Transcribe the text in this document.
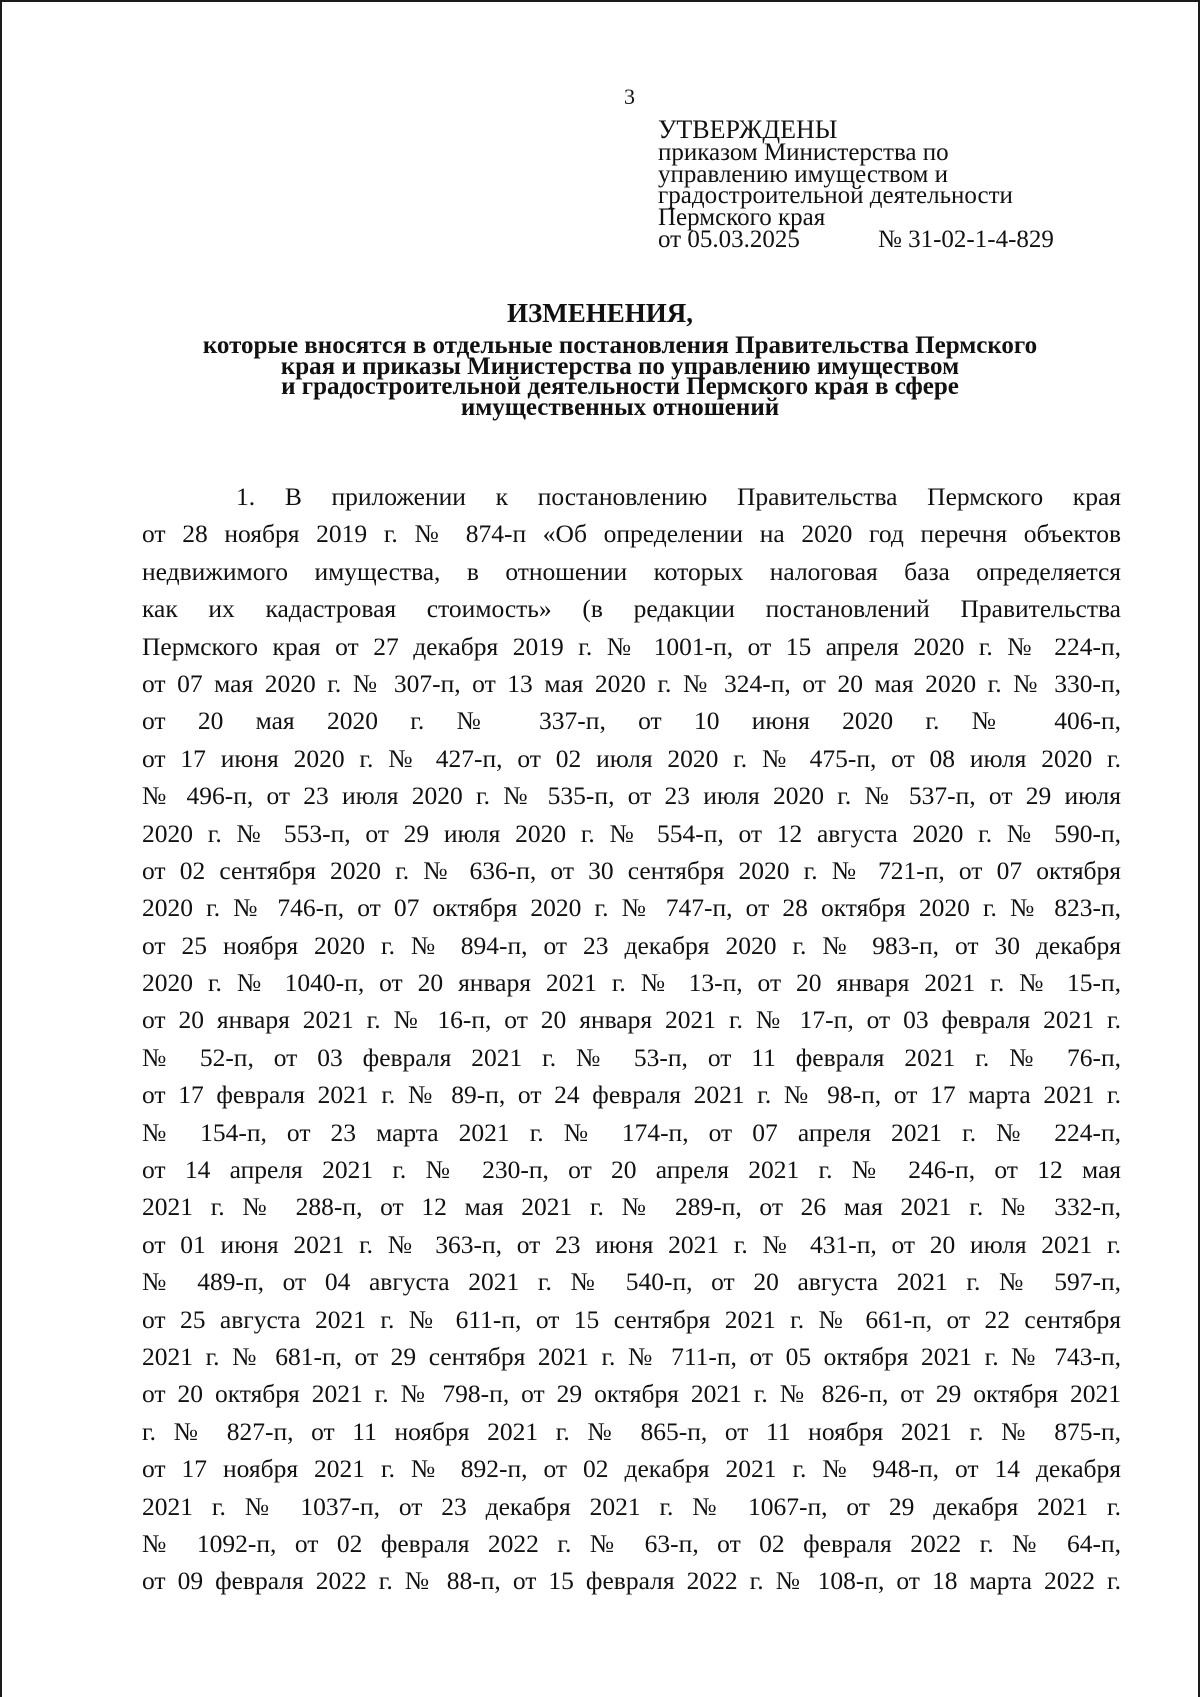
3
УТВЕРЖДЕНЫ
приказом Министерства по
управлению имуществом и
градостроительной деятельности
Пермского края
от 05.03.2025	№ 31-02-1-4-829
ИЗМЕНЕНИЯ,
которые вносятся в отдельные постановления Правительства Пермского
края и приказы Министерства по управлению имуществом
и градостроительной деятельности Пермского края в сфере
имущественных отношений
1. В приложении к постановлению Правительства Пермского края
от 28 ноября 2019 г. № 874-п «Об определении на 2020 год перечня объектов
недвижимого имущества, в отношении которых налоговая база определяется
как их кадастровая стоимость» (в редакции постановлений Правительства
Пермского края от 27 декабря 2019 г. № 1001-п, от 15 апреля 2020 г. № 224-п,
от 07 мая 2020 г. № 307-п, от 13 мая 2020 г. № 324-п, от 20 мая 2020 г. № 330-п,
от 20 мая 2020 г. № 337-п, от 10 июня 2020 г. № 406-п,
от 17 июня 2020 г. № 427-п, от 02 июля 2020 г. № 475-п, от 08 июля 2020 г.
№ 496-п, от 23 июля 2020 г. № 535-п, от 23 июля 2020 г. № 537-п, от 29 июля
2020 г. № 553-п, от 29 июля 2020 г. № 554-п, от 12 августа 2020 г. № 590-п,
от 02 сентября 2020 г. № 636-п, от 30 сентября 2020 г. № 721-п, от 07 октября
2020 г. № 746-п, от 07 октября 2020 г. № 747-п, от 28 октября 2020 г. № 823-п,
от 25 ноября 2020 г. № 894-п, от 23 декабря 2020 г. № 983-п, от 30 декабря
2020 г. № 1040-п, от 20 января 2021 г. № 13-п, от 20 января 2021 г. № 15-п,
от 20 января 2021 г. № 16-п, от 20 января 2021 г. № 17-п, от 03 февраля 2021 г.
№ 52-п, от 03 февраля 2021 г. № 53-п, от 11 февраля 2021 г. № 76-п,
от 17 февраля 2021 г. № 89-п, от 24 февраля 2021 г. № 98-п, от 17 марта 2021 г.
№ 154-п, от 23 марта 2021 г. № 174-п, от 07 апреля 2021 г. № 224-п,
от 14 апреля 2021 г. № 230-п, от 20 апреля 2021 г. № 246-п, от 12 мая
2021 г. № 288-п, от 12 мая 2021 г. № 289-п, от 26 мая 2021 г. № 332-п,
от 01 июня 2021 г. № 363-п, от 23 июня 2021 г. № 431-п, от 20 июля 2021 г.
№ 489-п, от 04 августа 2021 г. № 540-п, от 20 августа 2021 г. № 597-п,
от 25 августа 2021 г. № 611-п, от 15 сентября 2021 г. № 661-п, от 22 сентября
2021 г. № 681-п, от 29 сентября 2021 г. № 711-п, от 05 октября 2021 г. № 743-п,
от 20 октября 2021 г. № 798-п, от 29 октября 2021 г. № 826-п, от 29 октября 2021
г. № 827-п, от 11 ноября 2021 г. № 865-п, от 11 ноября 2021 г. № 875-п,
от 17 ноября 2021 г. № 892-п, от 02 декабря 2021 г. № 948-п, от 14 декабря
2021 г. № 1037-п, от 23 декабря 2021 г. № 1067-п, от 29 декабря 2021 г.
№ 1092-п, от 02 февраля 2022 г. № 63-п, от 02 февраля 2022 г. № 64-п,
от 09 февраля 2022 г. № 88-п, от 15 февраля 2022 г. № 108-п, от 18 марта 2022 г.
